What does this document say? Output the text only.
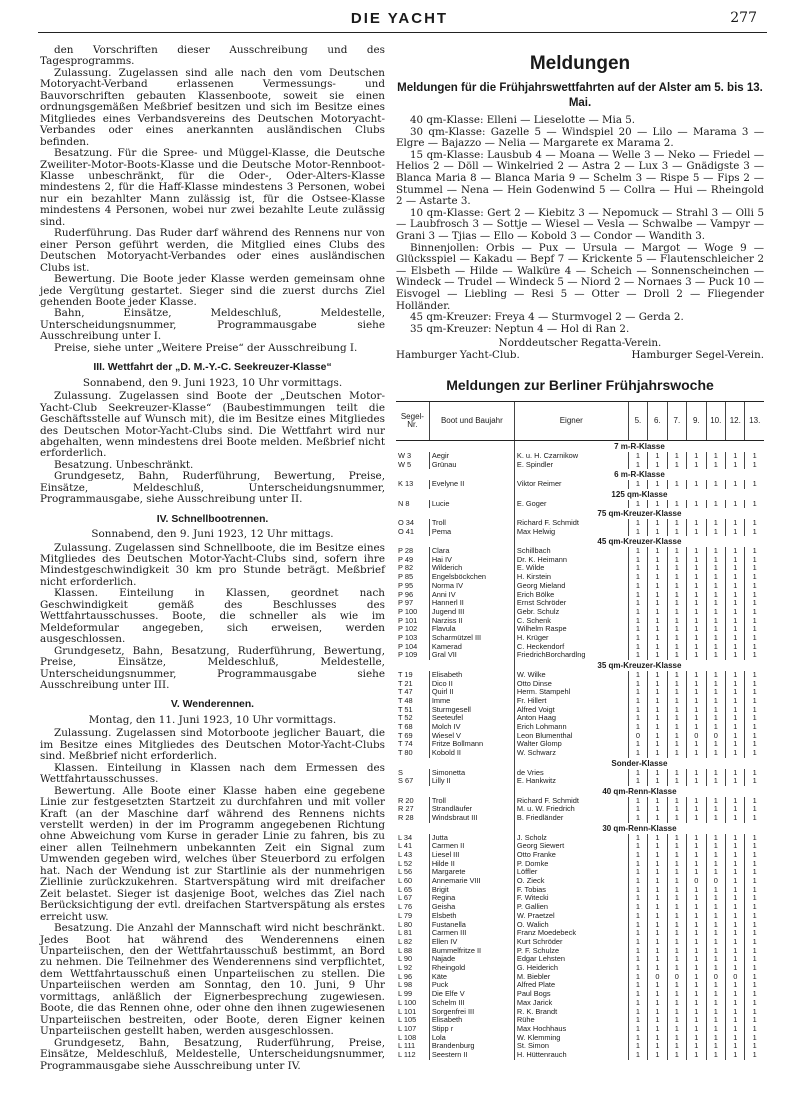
DIE YACHT	277

den Vorschriften dieser Ausschreibung und des Tagesprogramms.

Zulassung. Zugelassen sind alle nach den vom Deutschen Motoryacht-Verband erlassenen Vermessungs- und Bauvorschriften gebauten Klassenboote, soweit sie einen ordnungsgemäßen Meßbrief besitzen und sich im Besitze eines Mitgliedes eines Verbandsvereins des Deutschen Motoryacht-Verbandes oder eines anerkannten ausländischen Clubs befinden.

Besatzung. Für die Spree- und Müggel-Klasse, die Deutsche Zweiliter-Motor-Boots-Klasse und die Deutsche Motor-Rennboot-Klasse unbeschränkt, für die Oder-, Oder-Alters-Klasse mindestens 2, für die Haff-Klasse mindestens 3 Personen, wobei nur ein bezahlter Mann zulässig ist, für die Ostsee-Klasse mindestens 4 Personen, wobei nur zwei bezahlte Leute zulässig sind.

Ruderführung. Das Ruder darf während des Rennens nur von einer Person geführt werden, die Mitglied eines Clubs des Deutschen Motoryacht-Verbandes oder eines ausländischen Clubs ist.

Bewertung. Die Boote jeder Klasse werden gemeinsam ohne jede Vergütung gestartet. Sieger sind die zuerst durchs Ziel gehenden Boote jeder Klasse.

Bahn, Einsätze, Meldeschluß, Meldestelle, Unterscheidungsnummer, Programmausgabe siehe Ausschreibung unter I.

Preise, siehe unter „Weitere Preise“ der Ausschreibung I.

III. Wettfahrt der „D. M.-Y.-C. Seekreuzer-Klasse“

Sonnabend, den 9. Juni 1923, 10 Uhr vormittags.

Zulassung. Zugelassen sind Boote der „Deutschen Motor-Yacht-Club Seekreuzer-Klasse“ (Baubestimmungen teilt die Geschäftsstelle auf Wunsch mit), die im Besitze eines Mitgliedes des Deutschen Motor-Yacht-Clubs sind. Die Wettfahrt wird nur abgehalten, wenn mindestens drei Boote melden. Meßbrief nicht erforderlich.

Besatzung. Unbeschränkt.

Grundgesetz, Bahn, Ruderführung, Bewertung, Preise, Einsätze, Meldeschluß, Unterscheidungsnummer, Programmausgabe, siehe Ausschreibung unter II.

IV. Schnellbootrennen.

Sonnabend, den 9. Juni 1923, 12 Uhr mittags.

Zulassung. Zugelassen sind Schnellboote, die im Besitze eines Mitgliedes des Deutschen Motor-Yacht-Clubs sind, sofern ihre Mindestgeschwindigkeit 30 km pro Stunde beträgt. Meßbrief nicht erforderlich.

Klassen. Einteilung in Klassen, geordnet nach Geschwindigkeit gemäß des Beschlusses des Wettfahrtausschusses. Boote, die schneller als wie im Meldeformular angegeben, sich erweisen, werden ausgeschlossen.

Grundgesetz, Bahn, Besatzung, Ruderführung, Bewertung, Preise, Einsätze, Meldeschluß, Meldestelle, Unterscheidungsnummer, Programmausgabe siehe Ausschreibung unter III.

V. Wenderennen.

Montag, den 11. Juni 1923, 10 Uhr vormittags.

Zulassung. Zugelassen sind Motorboote jeglicher Bauart, die im Besitze eines Mitgliedes des Deutschen Motor-Yacht-Clubs sind. Meßbrief nicht erforderlich.

Klassen. Einteilung in Klassen nach dem Ermessen des Wettfahrtausschusses.

Bewertung. Alle Boote einer Klasse haben eine gegebene Linie zur festgesetzten Startzeit zu durchfahren und mit voller Kraft (an der Maschine darf während des Rennens nichts verstellt werden) in der im Programm angegebenen Richtung ohne Abweichung vom Kurse in gerader Linie zu fahren, bis zu einer allen Teilnehmern unbekannten Zeit ein Signal zum Umwenden gegeben wird, welches über Steuerbord zu erfolgen hat. Nach der Wendung ist zur Startlinie als der nunmehrigen Ziellinie zurückzukehren. Startverspätung wird mit dreifacher Zeit belastet. Sieger ist dasjenige Boot, welches das Ziel nach Berücksichtigung der evtl. dreifachen Startverspätung als erstes erreicht usw.

Besatzung. Die Anzahl der Mannschaft wird nicht beschränkt. Jedes Boot hat während des Wenderennens einen Unparteiischen, den der Wettfahrtausschuß bestimmt, an Bord zu nehmen. Die Teilnehmer des Wenderennens sind verpflichtet, dem Wettfahrtausschuß einen Unparteiischen zu stellen. Die Unparteiischen werden am Sonntag, den 10. Juni, 9 Uhr vormittags, anläßlich der Eignerbesprechung zugewiesen. Boote, die das Rennen ohne, oder ohne den ihnen zugewiesenen Unparteiischen bestreiten, oder Boote, deren Eigner keinen Unparteiischen gestellt haben, werden ausgeschlossen.

Grundgesetz, Bahn, Besatzung, Ruderführung, Preise, Einsätze, Meldeschluß, Meldestelle, Unterscheidungsnummer, Programmausgabe siehe Ausschreibung unter IV.

Meldungen
Meldungen für die Frühjahrswettfahrten auf der Alster am 5. bis 13. Mai.
40 qm-Klasse: Elleni — Lieselotte — Mia 5.
30 qm-Klasse: Gazelle 5 — Windspiel 20 — Lilo — Marama 3 — Elgre — Bajazzo — Nelia — Margarete ex Marama 2.
15 qm-Klasse: Lausbub 4 — Moana — Welle 3 — Neko — Friedel — Helios 2 — Döll — Winkelried 2 — Astra 2 — Lux 3 — Gnädigste 3 — Blanca Maria 8 — Blanca Maria 9 — Schelm 3 — Rispe 5 — Fips 2 — Stummel — Nena — Hein Godenwind 5 — Collra — Hui — Rheingold 2 — Astarte 3.
10 qm-Klasse: Gert 2 — Kiebitz 3 — Nepomuck — Strahl 3 — Olli 5 — Laubfrosch 3 — Sottje — Wiesel — Vesla — Schwalbe — Vampyr — Grani 3 — Tjias — Ello — Kobold 3 — Condor — Wandith 3.
Binnenjollen: Orbis — Pux — Ursula — Margot — Woge 9 — Glücksspiel — Kakadu — Bepf 7 — Krickente 5 — Flautenschleicher 2 — Elsbeth — Hilde — Walküre 4 — Scheich — Sonnenscheinchen — Windeck — Trudel — Windeck 5 — Niord 2 — Nornaes 3 — Puck 10 — Eisvogel — Liebling — Resi 5 — Otter — Droll 2 — Fliegender Holländer.
45 qm-Kreuzer: Freya 4 — Sturmvogel 2 — Gerda 2.
35 qm-Kreuzer: Neptun 4 — Hol di Ran 2.
Norddeutscher Regatta-Verein.
Hamburger Yacht-Club.	Hamburger Segel-Verein.
Meldungen zur Berliner Frühjahrswoche
Segel-Nr.	Boot und Baujahr	Eigner	5.	6.	7.	9.	10.	12.	13.
		7 m-R-Klasse							
W 3	Aegir	K. u. H. Czarnikow	1	1	1	1	1	1	1
W 5	Grünau	E. Spindler	1	1	1	1	1	1	1
		6 m-R-Klasse							
K 13	Evelyne II	Viktor Reimer	1	1	1	1	1	1	1
		125 qm-Klasse							
N 8	Lucie	E. Goger	1	1	1	1	1	1	1
		75 qm-Kreuzer-Klasse							
O 34	Troll	Richard F. Schmidt	1	1	1	1	1	1	1
O 41	Pema	Max Helwig	1	1	1	1	1	1	1
		45 qm-Kreuzer-Klasse							
P 28	Clara	Schillbach	1	1	1	1	1	1	1
P 49	Hai IV	Dr. K. Heimann	1	1	1	1	1	1	1
P 82	Wilderich	E. Wilde	1	1	1	1	1	1	1
P 85	Engelsböckchen	H. Kirstein	1	1	1	1	1	1	1
P 95	Norma IV	Georg Mieland	1	1	1	1	1	1	1
P 96	Anni IV	Erich Bölke	1	1	1	1	1	1	1
P 97	Hannerl II	Ernst Schröder	1	1	1	1	1	1	1
P 100	Jugend III	Gebr. Schulz	1	1	1	1	1	1	1
P 101	Narziss II	C. Schenk	1	1	1	1	1	1	1
P 102	Flavula	Wilhelm Raspe	1	1	1	1	1	1	1
P 103	Scharmützel III	H. Krüger	1	1	1	1	1	1	1
P 104	Kamerad	C. Heckendorf	1	1	1	1	1	1	1
P 109	Gral VII	FriedrichBorchardlng	1	1	1	1	1	1	1
		35 qm-Kreuzer-Klasse							
T 19	Elisabeth	W. Wilke	1	1	1	1	1	1	1
T 21	Dico II	Otto Dinse	1	1	1	1	1	1	1
T 47	Quirl II	Herm. Stampehl	1	1	1	1	1	1	1
T 48	Imme	Fr. Hillert	1	1	1	1	1	1	1
T 51	Sturmgesell	Alfred Voigt	1	1	1	1	1	1	1
T 52	Seeteufel	Anton Haag	1	1	1	1	1	1	1
T 68	Molch IV	Erich Lohmann	1	1	1	1	1	1	1
T 69	Wiesel V	Leon Blumenthal	0	1	1	0	0	1	1
T 74	Fritze Bollmann	Walter Glomp	1	1	1	1	1	1	1
T 80	Kobold II	W. Schwarz	1	1	1	1	1	1	1
		Sonder-Klasse							
S	Simonetta	de Vries	1	1	1	1	1	1	1
S 67	Lilly II	E. Hankwitz	1	1	1	1	1	1	1
		40 qm-Renn-Klasse							
R 20	Troll	Richard F. Schmidt	1	1	1	1	1	1	1
R 27	Strandläufer	M. u. W. Friedrich	1	1	1	1	1	1	1
R 28	Windsbraut III	B. Friedländer	1	1	1	1	1	1	1
		30 qm-Renn-Klasse							
L 34	Jutta	J. Scholz	1	1	1	1	1	1	1
L 41	Carmen II	Georg Siewert	1	1	1	1	1	1	1
L 43	Liesel III	Otto Franke	1	1	1	1	1	1	1
L 52	Hilde II	P. Domke	1	1	1	1	1	1	1
L 56	Margarete	Löffler	1	1	1	1	1	1	1
L 60	Annemarie VIII	O. Zieck	1	1	1	0	0	1	1
L 65	Brigit	F. Tobias	1	1	1	1	1	1	1
L 67	Regina	F. Witecki	1	1	1	1	1	1	1
L 76	Geisha	P. Gallien	1	1	1	1	1	1	1
L 79	Elsbeth	W. Praetzel	1	1	1	1	1	1	1
L 80	Fustanella	O. Walich	1	1	1	1	1	1	1
L 81	Carmen III	Franz Moedebeck	1	1	1	1	1	1	1
L 82	Ellen IV	Kurt Schröder	1	1	1	1	1	1	1
L 88	Bummelfritze II	P. F. Schulze	1	1	1	1	1	1	1
L 90	Najade	Edgar Lehsten	1	1	1	1	1	1	1
L 92	Rheingold	G. Heiderich	1	1	1	1	1	1	1
L 96	Käte	M. Biebler	1	0	0	1	0	0	1
L 98	Puck	Alfred Plate	1	1	1	1	1	1	1
L 99	Die Elfe V	Paul Bogs	1	1	1	1	1	1	1
L 100	Schelm III	Max Jarick	1	1	1	1	1	1	1
L 101	Sorgenfrei III	R. K. Brandt	1	1	1	1	1	1	1
L 105	Elisabeth	Rühe	1	1	1	1	1	1	1
L 107	Stipp r	Max Hochhaus	1	1	1	1	1	1	1
L 108	Lola	W. Klemming	1	1	1	1	1	1	1
L 111	Brandenburg	St. Simon	1	1	1	1	1	1	1
L 112	Seestern II	H. Hüttenrauch	1	1	1	1	1	1	1
